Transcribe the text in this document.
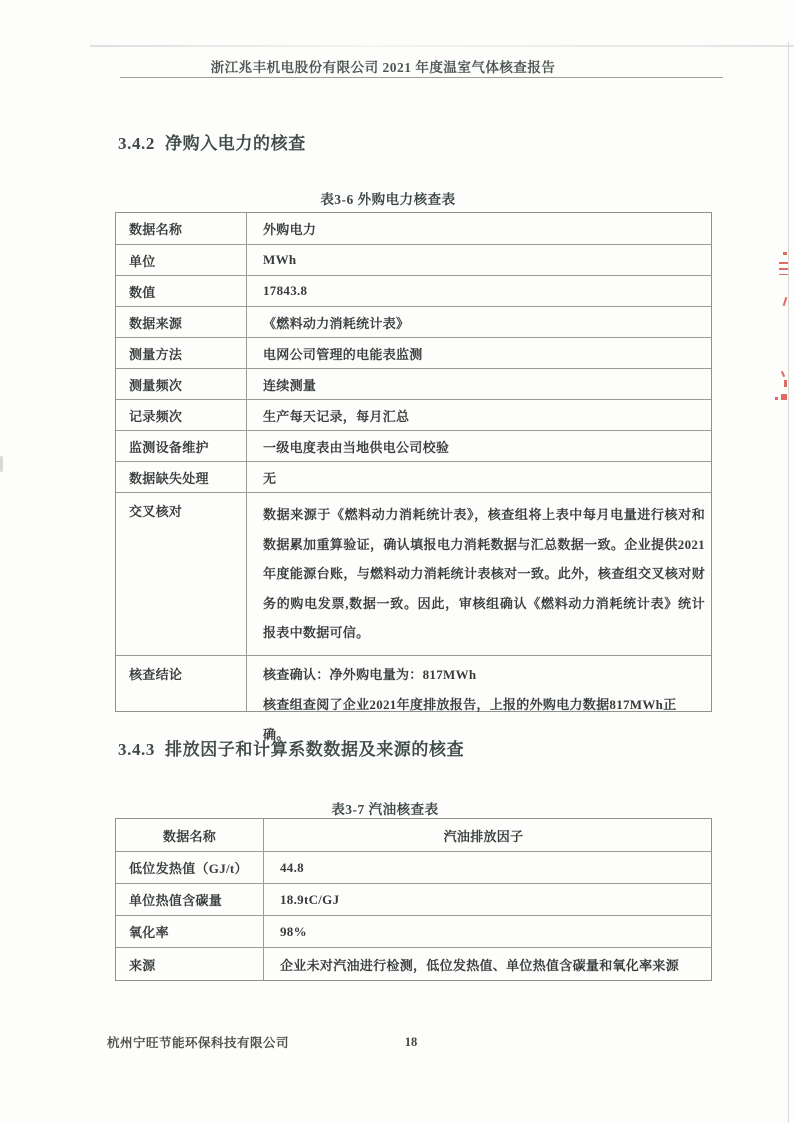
浙江兆丰机电股份有限公司 2021 年度温室气体核查报告
3.4.2 净购入电力的核查
表3-6 外购电力核查表
数据名称	外购电力
单位	MWh
数值	17843.8
数据来源	《燃料动力消耗统计表》
测量方法	电网公司管理的电能表监测
测量频次	连续测量
记录频次	生产每天记录，每月汇总
监测设备维护	一级电度表由当地供电公司校验
数据缺失处理	无
交叉核对	数据来源于《燃料动力消耗统计表》，核查组将上表中每月电量进行核对和数据累加重算验证，确认填报电力消耗数据与汇总数据一致。企业提供2021年度能源台账，与燃料动力消耗统计表核对一致。此外，核查组交叉核对财务的购电发票,数据一致。因此，审核组确认《燃料动力消耗统计表》统计报表中数据可信。
核查结论	核查确认：净外购电量为：817MWh
核查组查阅了企业2021年度排放报告，上报的外购电力数据817MWh正确。
3.4.3 排放因子和计算系数数据及来源的核查
表3-7 汽油核查表
数据名称	汽油排放因子
低位发热值（GJ/t）	44.8
单位热值含碳量	18.9tC/GJ
氧化率	98%
来源	企业未对汽油进行检测，低位发热值、单位热值含碳量和氧化率来源
杭州宁旺节能环保科技有限公司	18
